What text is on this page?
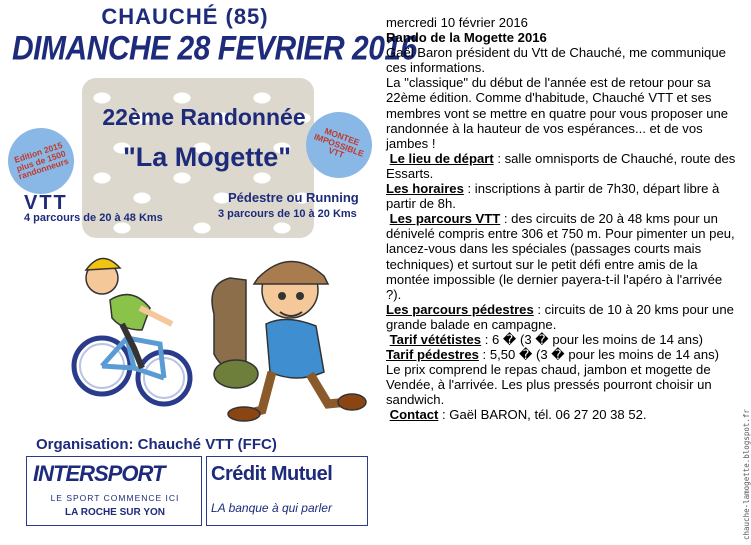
CHAUCHÉ (85)
DIMANCHE 28 FEVRIER 2016
22ème Randonnée
"La Mogette"
Edition 2015 plus de 1500 randonneurs
MONTEE IMPOSSIBLE VTT
VTT
4 parcours de 20 à 48 Kms
Pédestre ou Running
3 parcours de 10 à 20 Kms
Organisation: Chauché VTT (FFC)
INTERSPORT
LE SPORT COMMENCE ICI
LA ROCHE SUR YON
Crédit Mutuel
LA banque à qui parler

mercredi 10 février 2016

Rando de la Mogette 2016

Gaël Baron président du Vtt de Chauché, me communique ces informations.

La "classique" du début de l'année est de retour pour sa 22ème édition. Comme d'habitude, Chauché VTT et ses membres vont se mettre en quatre pour vous proposer une randonnée à la hauteur de vos espérances... et de vos jambes !

Le lieu de départ : salle omnisports de Chauché, route des Essarts.

Les horaires : inscriptions à partir de 7h30, départ libre à partir de 8h.

Les parcours VTT : des circuits de 20 à 48 kms pour un dénivelé compris entre 306 et 750 m. Pour pimenter un peu, lancez-vous dans les spéciales (passages courts mais techniques) et surtout sur le petit défi entre amis de la montée impossible (le dernier payera-t-il l'apéro à l'arrivée ?).

Les parcours pédestres : circuits de 10 à 20 kms pour une grande balade en campagne.

Tarif vététistes : 6 � (3 � pour les moins de 14 ans)

Tarif pédestres : 5,50 � (3 � pour les moins de 14 ans)

Le prix comprend le repas chaud, jambon et mogette de Vendée, à l'arrivée. Les plus pressés pourront choisir un sandwich.

Contact : Gaël BARON, tél. 06 27 20 38 52.	chauche-lamogette.blogspot.fr
